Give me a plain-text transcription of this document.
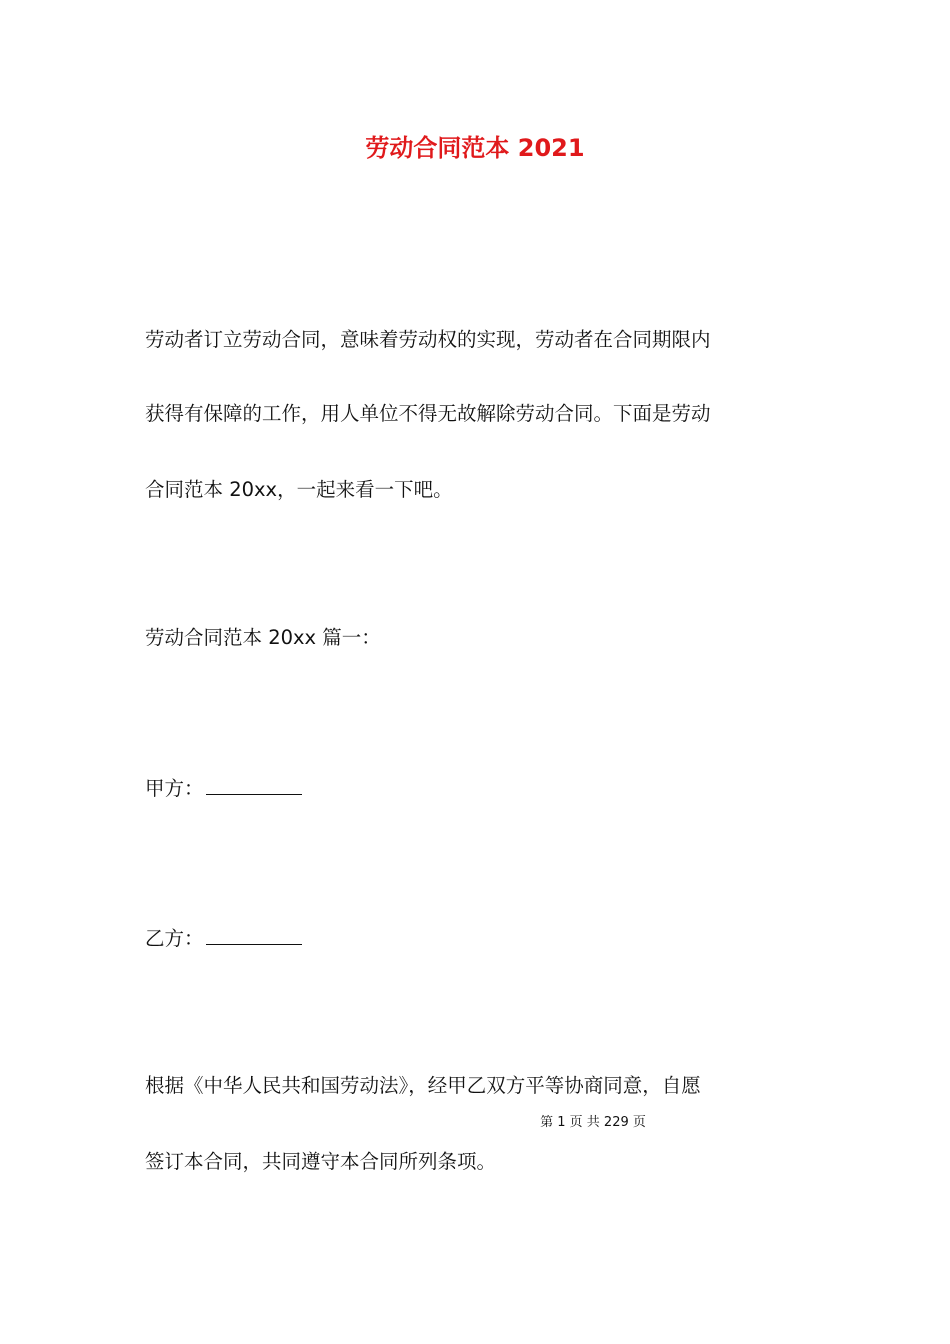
劳动合同范本 2021
劳动者订立劳动合同，意味着劳动权的实现，劳动者在合同期限内
获得有保障的工作，用人单位不得无故解除劳动合同。下面是劳动
合同范本 20xx，一起来看一下吧。
劳动合同范本 20xx 篇一：
甲方：
乙方：
根据《中华人民共和国劳动法》，经甲乙双方平等协商同意，自愿
第 1 页 共 229 页
签订本合同，共同遵守本合同所列条项。
